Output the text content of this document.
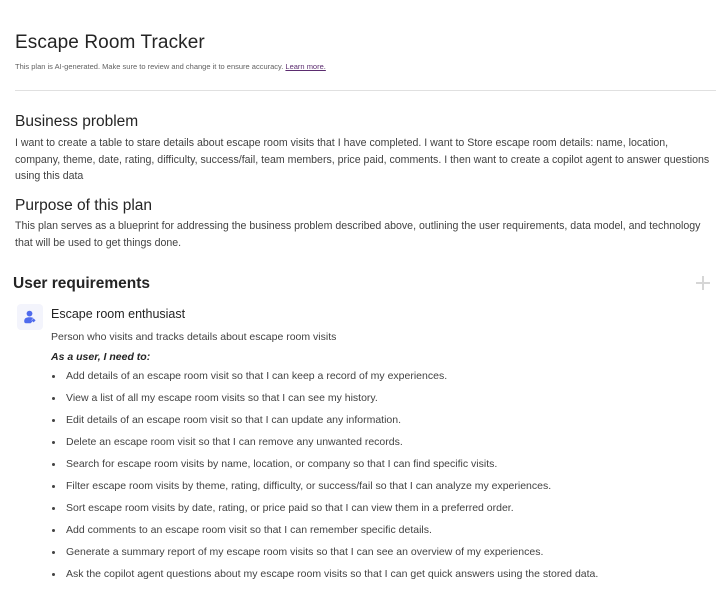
Escape Room Tracker
This plan is AI-generated. Make sure to review and change it to ensure accuracy. Learn more.
Business problem

I want to create a table to stare details about escape room visits that I have completed. I want to Store escape room details: name, location, company, theme, date, rating, difficulty, success/fail, team members, price paid, comments. I then want to create a copilot agent to answer questions using this data

Purpose of this plan

This plan serves as a blueprint for addressing the business problem described above, outlining the user requirements, data model, and technology that will be used to get things done.

User requirements
Escape room enthusiast
Person who visits and tracks details about escape room visits
As a user, I need to:
Add details of an escape room visit so that I can keep a record of my experiences.
View a list of all my escape room visits so that I can see my history.
Edit details of an escape room visit so that I can update any information.
Delete an escape room visit so that I can remove any unwanted records.
Search for escape room visits by name, location, or company so that I can find specific visits.
Filter escape room visits by theme, rating, difficulty, or success/fail so that I can analyze my experiences.
Sort escape room visits by date, rating, or price paid so that I can view them in a preferred order.
Add comments to an escape room visit so that I can remember specific details.
Generate a summary report of my escape room visits so that I can see an overview of my experiences.
Ask the copilot agent questions about my escape room visits so that I can get quick answers using the stored data.
